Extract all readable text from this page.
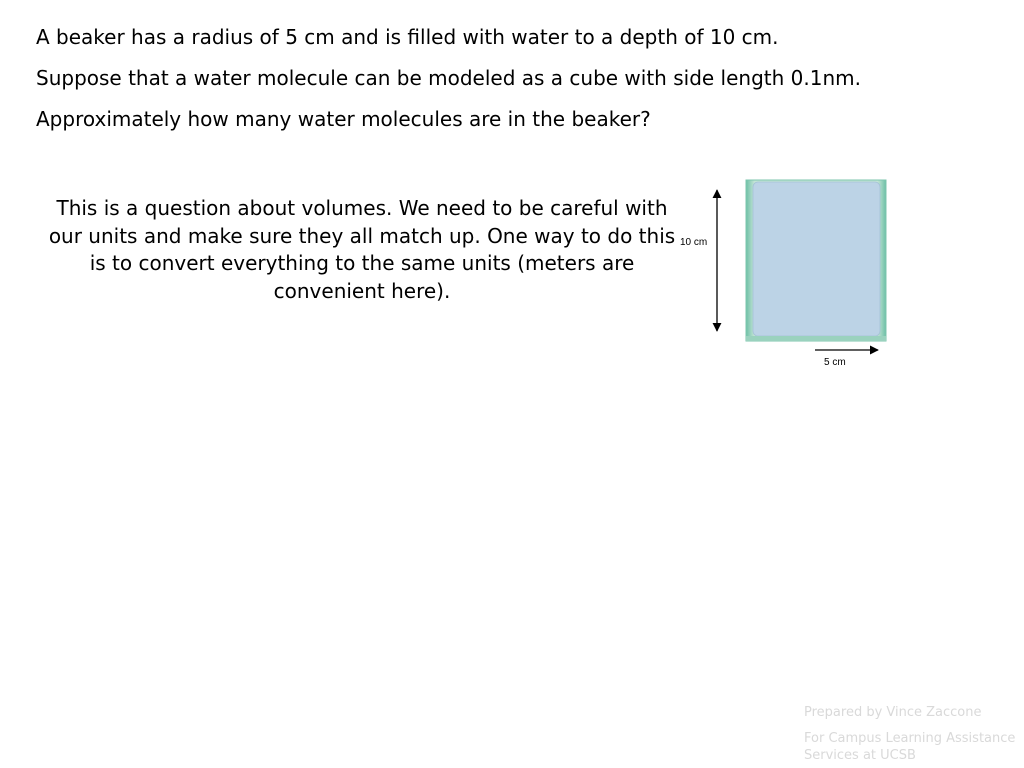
A beaker has a radius of 5 cm and is filled with water to a depth of 10 cm.
Suppose that a water molecule can be modeled as a cube with side length 0.1nm.
Approximately how many water molecules are in the beaker?
This is a question about volumes. We need to be careful with our units and make sure they all match up. One way to do this is to convert everything to the same units (meters are convenient here).
10 cm
5 cm
Prepared by Vince Zaccone
For Campus Learning Assistance Services at UCSB
